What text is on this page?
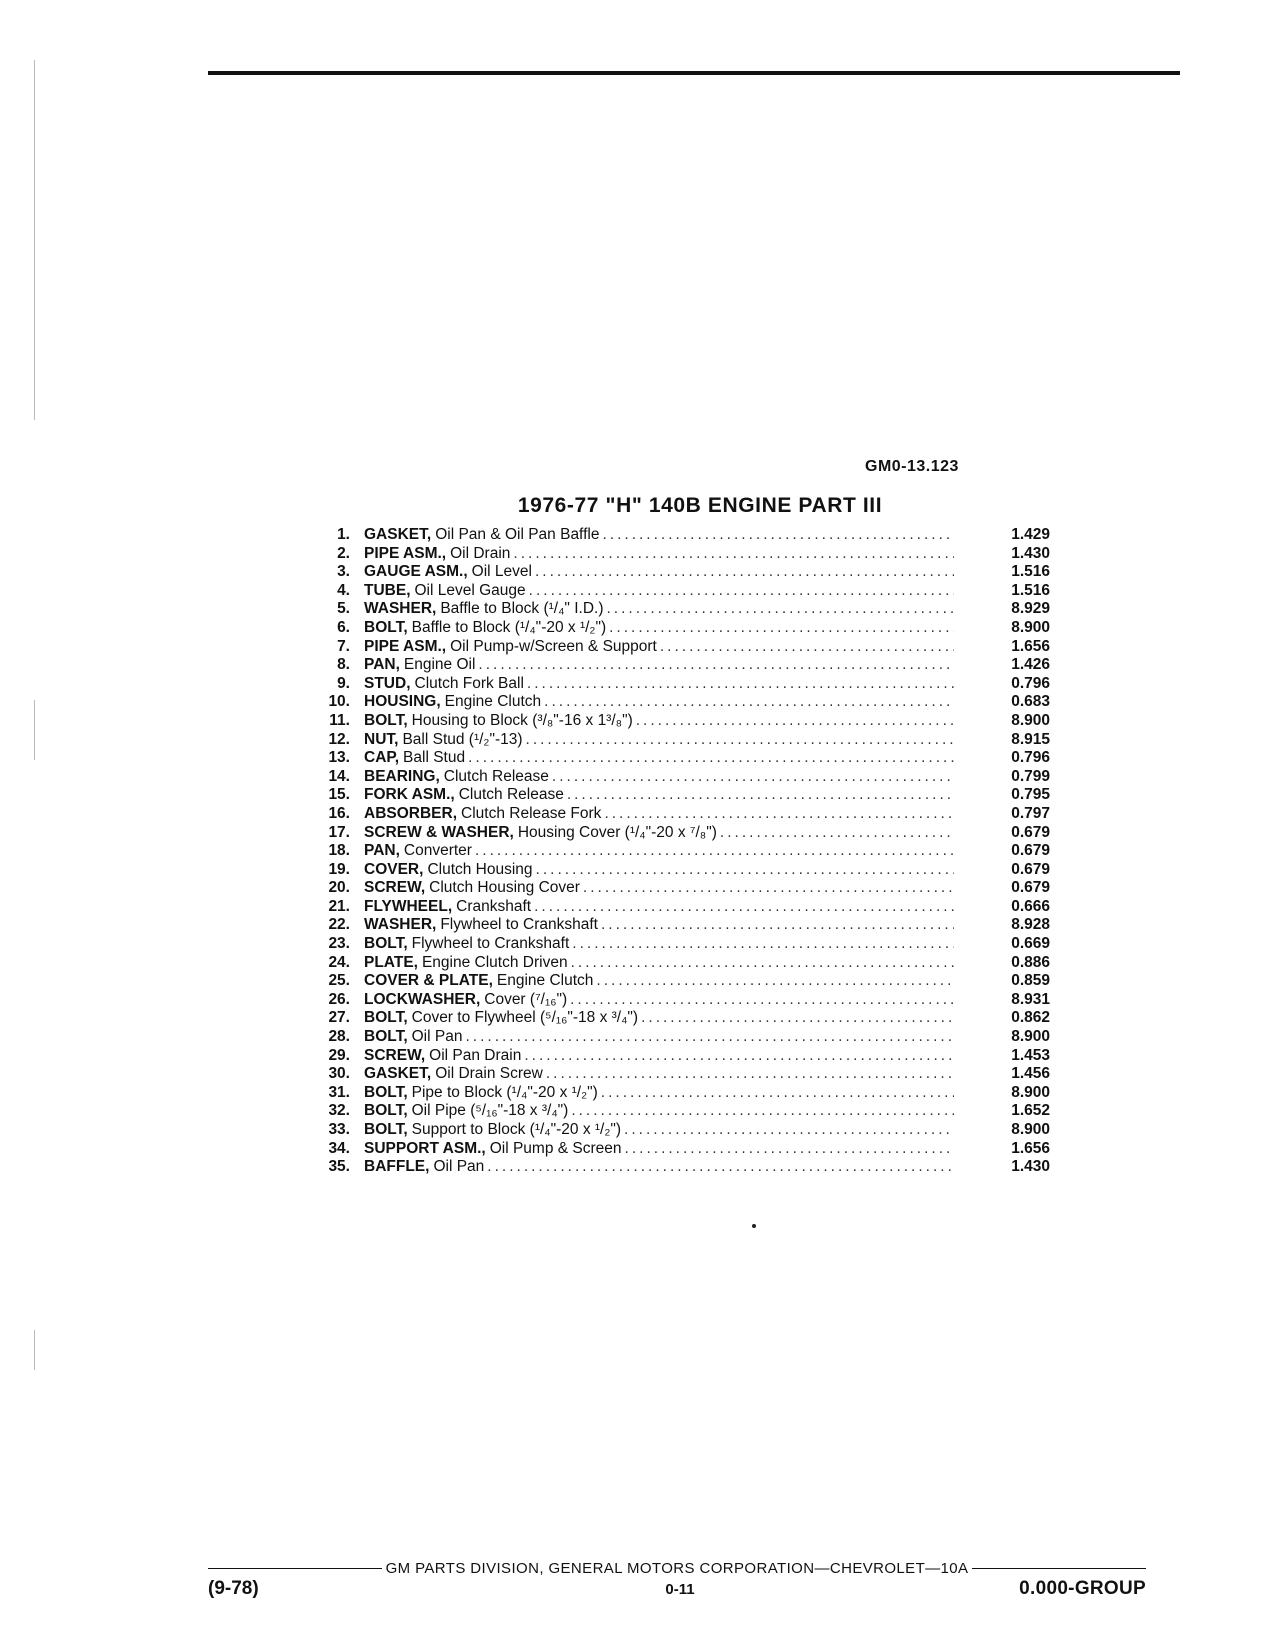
GM0-13.123
1976-77 "H" 140B ENGINE PART III
1. GASKET, Oil Pan & Oil Pan Baffle .....	1.429
2. PIPE ASM., Oil Drain .....	1.430
3. GAUGE ASM., Oil Level .....	1.516
4. TUBE, Oil Level Gauge .....	1.516
5. WASHER, Baffle to Block (¹/₄" I.D.) .....	8.929
6. BOLT, Baffle to Block (¹/₄"-20 x ¹/₂") .....	8.900
7. PIPE ASM., Oil Pump-w/Screen & Support .....	1.656
8. PAN, Engine Oil .....	1.426
9. STUD, Clutch Fork Ball .....	0.796
10. HOUSING, Engine Clutch .....	0.683
11. BOLT, Housing to Block (³/₈"-16 x 1³/₈") .....	8.900
12. NUT, Ball Stud (¹/₂"-13) .....	8.915
13. CAP, Ball Stud .....	0.796
14. BEARING, Clutch Release .....	0.799
15. FORK ASM., Clutch Release .....	0.795
16. ABSORBER, Clutch Release Fork .....	0.797
17. SCREW & WASHER, Housing Cover (¹/₄"-20 x ⁷/₈") .....	0.679
18. PAN, Converter .....	0.679
19. COVER, Clutch Housing .....	0.679
20. SCREW, Clutch Housing Cover .....	0.679
21. FLYWHEEL, Crankshaft .....	0.666
22. WASHER, Flywheel to Crankshaft .....	8.928
23. BOLT, Flywheel to Crankshaft .....	0.669
24. PLATE, Engine Clutch Driven .....	0.886
25. COVER & PLATE, Engine Clutch .....	0.859
26. LOCKWASHER, Cover (⁷/₁₆") .....	8.931
27. BOLT, Cover to Flywheel (⁵/₁₆"-18 x ³/₄") .....	0.862
28. BOLT, Oil Pan .....	8.900
29. SCREW, Oil Pan Drain .....	1.453
30. GASKET, Oil Drain Screw .....	1.456
31. BOLT, Pipe to Block (¹/₄"-20 x ¹/₂") .....	8.900
32. BOLT, Oil Pipe (⁵/₁₆"-18 x ³/₄") .....	1.652
33. BOLT, Support to Block (¹/₄"-20 x ¹/₂") .....	8.900
34. SUPPORT ASM., Oil Pump & Screen .....	1.656
35. BAFFLE, Oil Pan .....	1.430
GM PARTS DIVISION, GENERAL MOTORS CORPORATION—CHEVROLET—10A
(9-78)	0-11	0.000-GROUP
